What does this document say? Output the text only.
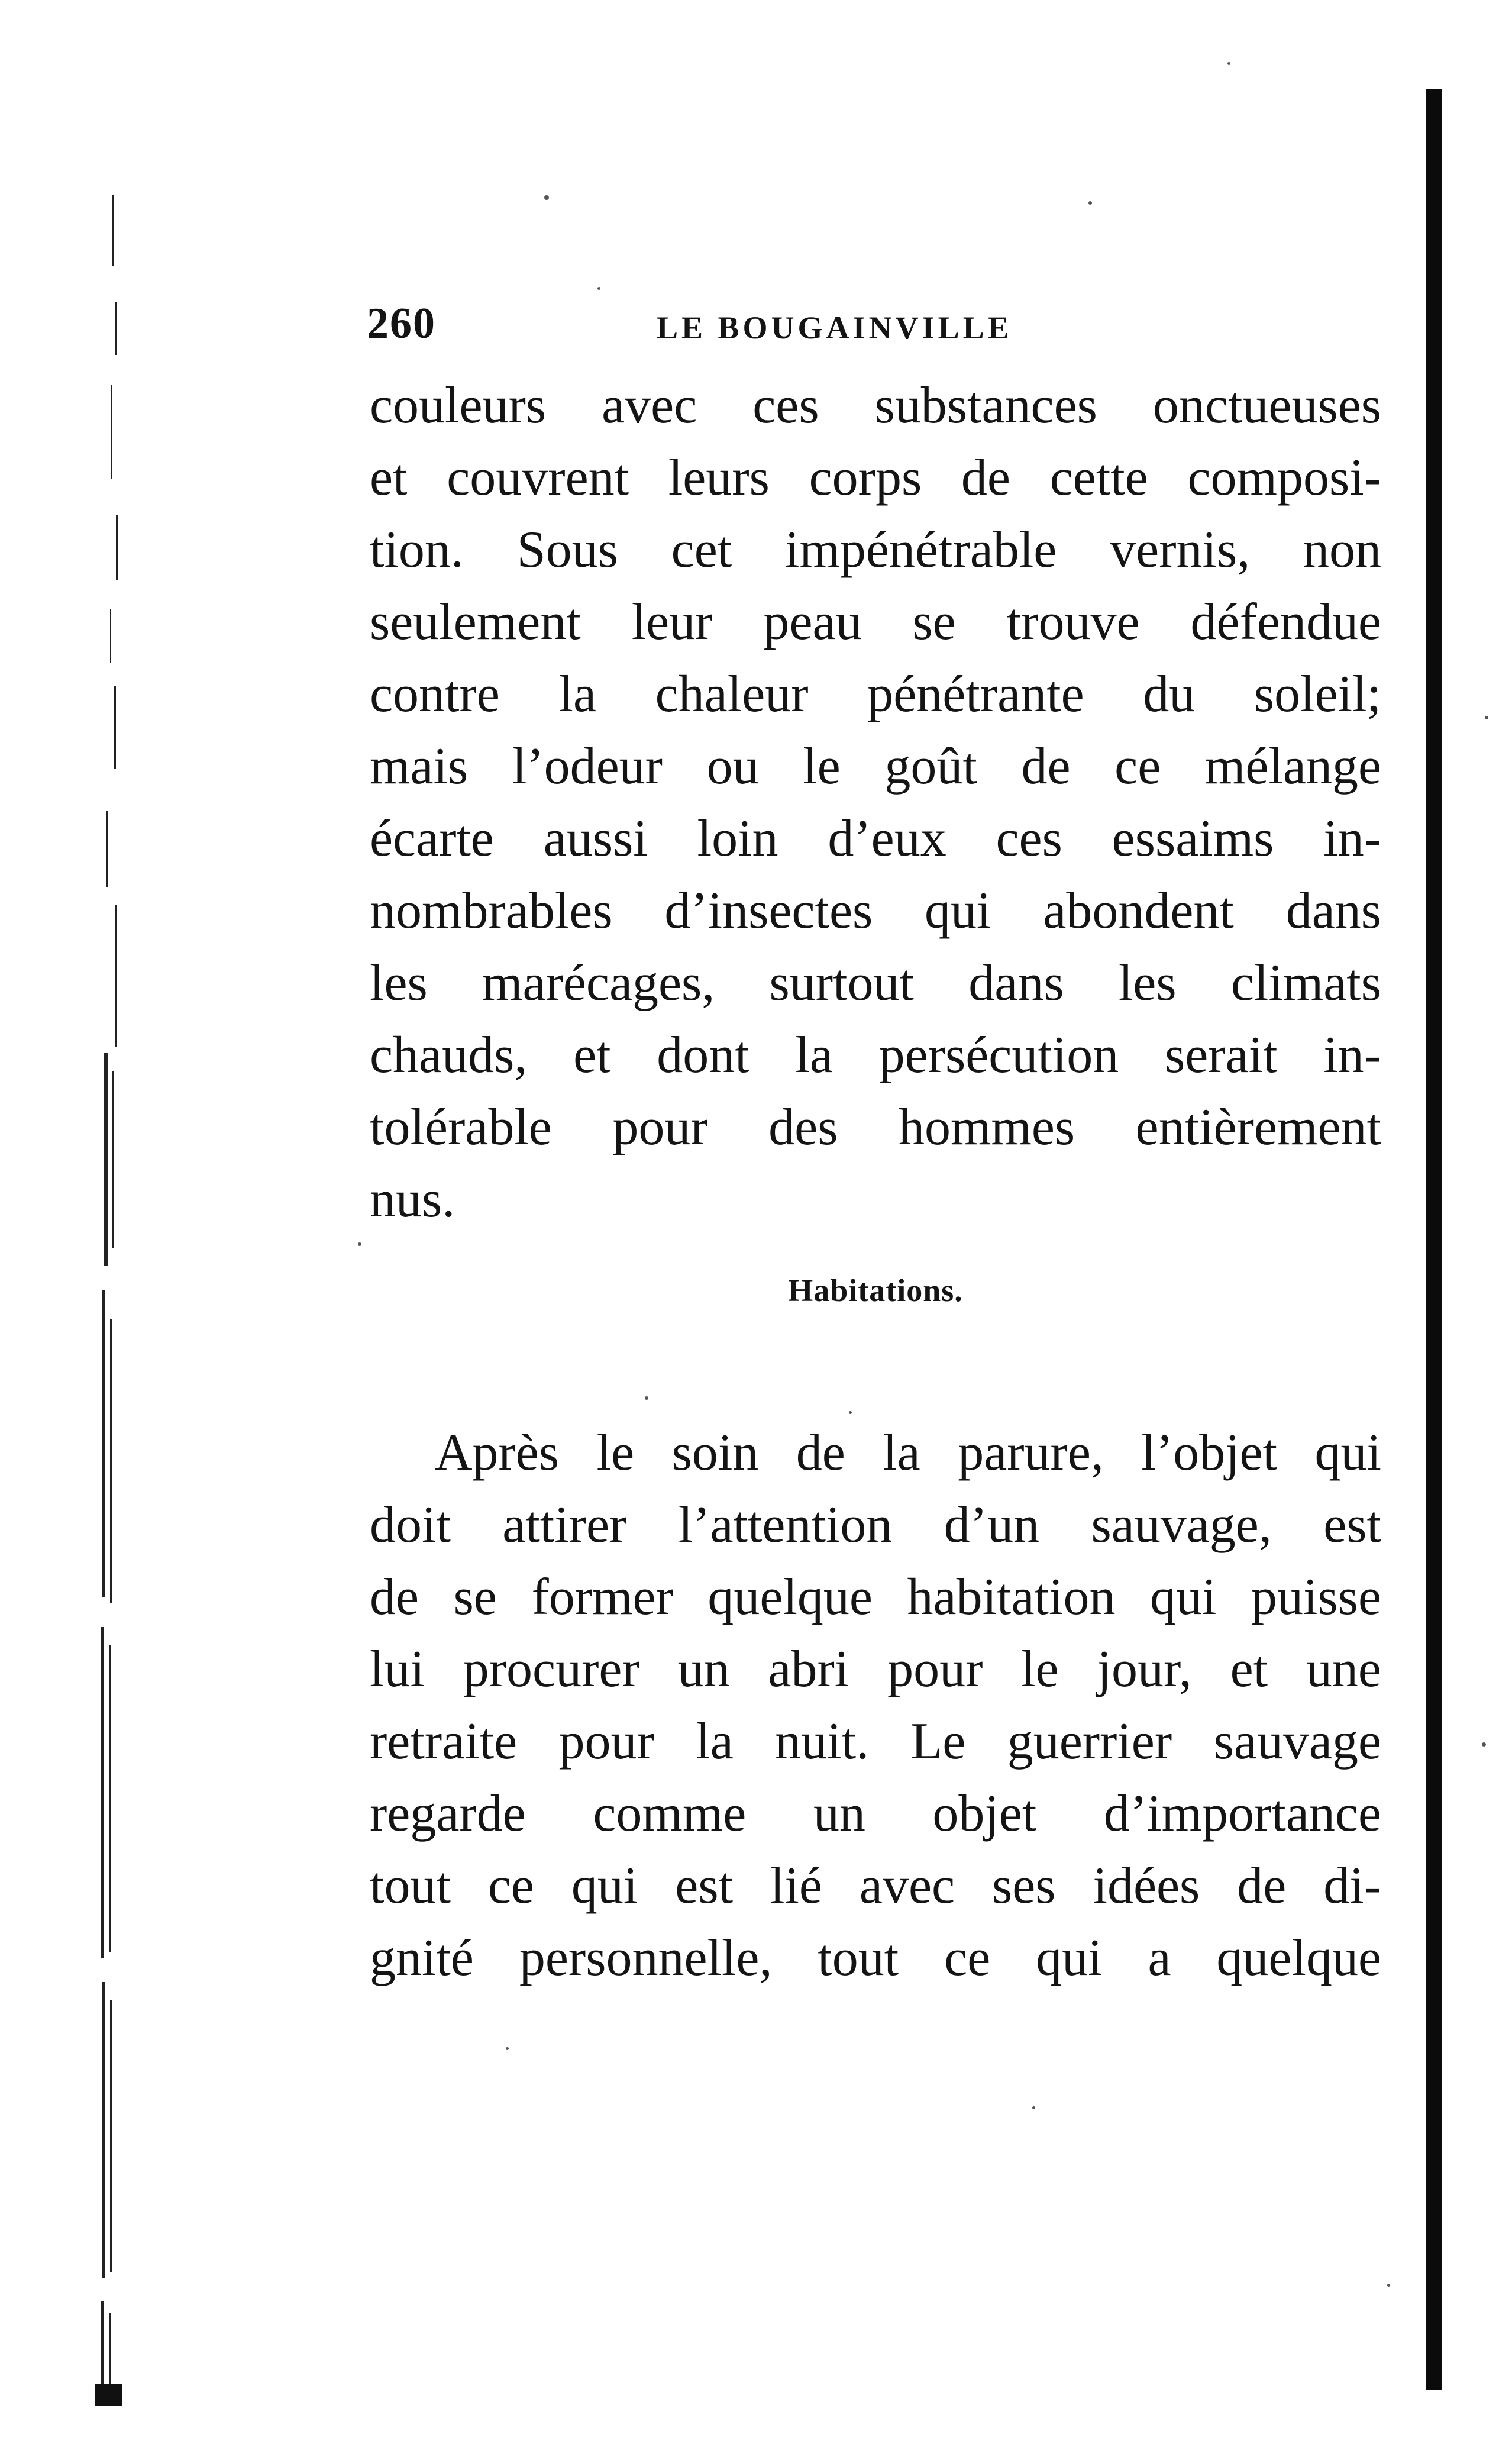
260	LE BOUGAINVILLE
couleurs avec ces substances onctueuses
et couvrent leurs corps de cette composi-
tion. Sous cet impénétrable vernis, non
seulement leur peau se trouve défendue
contre la chaleur pénétrante du soleil;
mais l’odeur ou le goût de ce mélange
écarte aussi loin d’eux ces essaims in-
nombrables d’insectes qui abondent dans
les marécages, surtout dans les climats
chauds, et dont la persécution serait in-
tolérable pour des hommes entièrement
nus.
Habitations.
Après le soin de la parure, l’objet qui
doit attirer l’attention d’un sauvage, est
de se former quelque habitation qui puisse
lui procurer un abri pour le jour, et une
retraite pour la nuit. Le guerrier sauvage
regarde comme un objet d’importance
tout ce qui est lié avec ses idées de di-
gnité personnelle, tout ce qui a quelque
